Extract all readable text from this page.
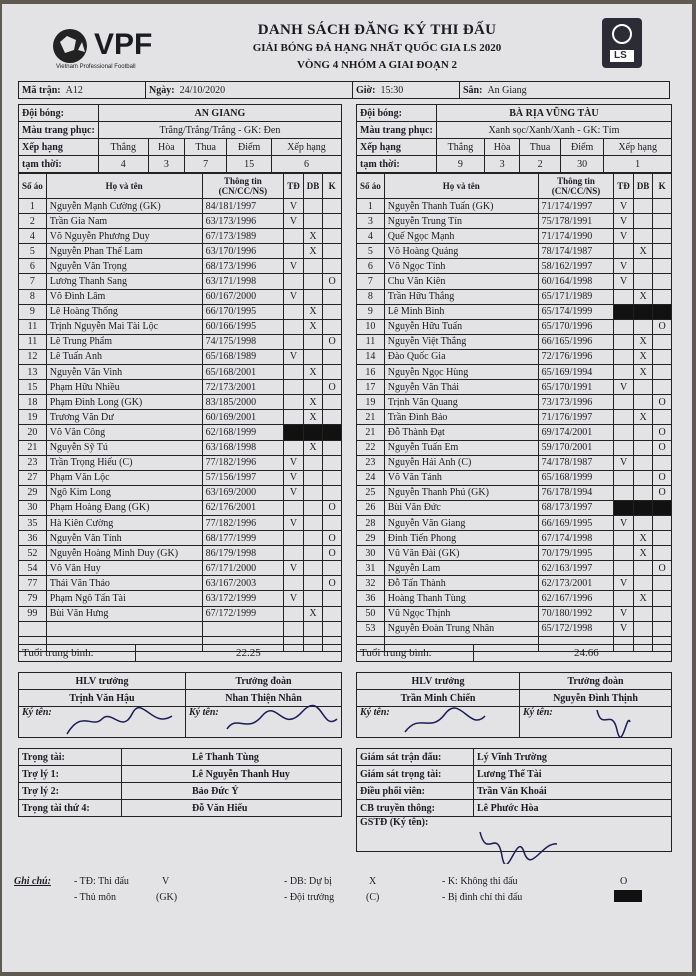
VPF
Vietnam Professional Football
DANH SÁCH ĐĂNG KÝ THI ĐẤU
GIẢI BÓNG ĐÁ HẠNG NHẤT QUỐC GIA LS 2020
VÒNG 4 NHÓM A GIAI ĐOẠN 2
LS
Mã trận: A12	Ngày: 24/10/2020	Giờ: 15:30	Sân: An Giang
Đội bóng:	AN GIANG				
Màu trang phục:	Trắng/Trắng/Trắng - GK: Đen				
Xếp hạng	Thắng	Hòa	Thua	Điểm	Xếp hạng
tạm thời:	4	3	7	15	6
Số áo	Họ và tên	Thông tin (CN/CC/NS)	TĐ	DB	K
1	Nguyễn Mạnh Cường (GK)	84/181/1997	V		
2	Trần Gia Nam	63/173/1996	V		
4	Võ Nguyễn Phương Duy	67/173/1989		X	
5	Nguyễn Phan Thế Lam	63/170/1996		X	
6	Nguyễn Văn Trọng	68/173/1996	V		
7	Lương Thanh Sang	63/171/1998			O
8	Võ Đình Lâm	60/167/2000	V		
9	Lê Hoàng Thống	66/170/1995		X	
11	Trịnh Nguyễn Mai Tài Lộc	60/166/1995		X	
11	Lê Trung Phẩm	74/175/1998			O
12	Lê Tuấn Anh	65/168/1989	V		
13	Nguyễn Văn Vinh	65/168/2001		X	
15	Phạm Hữu Nhiều	72/173/2001			O
18	Phạm Đình Long (GK)	83/185/2000		X	
19	Trương Văn Dư	60/169/2001		X	
20	Võ Văn Công	62/168/1999			
21	Nguyễn Sỹ Tú	63/168/1998		X	
23	Trần Trọng Hiếu (C)	77/182/1996	V		
27	Phạm Văn Lộc	57/156/1997	V		
29	Ngô Kim Long	63/169/2000	V		
30	Phạm Hoàng Đang (GK)	62/176/2001			O
35	Hà Kiên Cường	77/182/1996	V		
36	Nguyễn Văn Tính	68/177/1999			O
52	Nguyễn Hoàng Minh Duy (GK)	86/179/1998			O
54	Võ Văn Huy	67/171/2000	V		
77	Thái Văn Thảo	63/167/2003			O
79	Phạm Ngô Tấn Tài	63/172/1999	V		
99	Bùi Văn Hưng	67/172/1999		X	

Đội bóng:	BÀ RỊA VŨNG TÀU				
Màu trang phục:	Xanh sọc/Xanh/Xanh - GK: Tím				
Xếp hạng	Thắng	Hòa	Thua	Điểm	Xếp hạng
tạm thời:	9	3	2	30	1
Số áo	Họ và tên	Thông tin (CN/CC/NS)	TĐ	DB	K
1	Nguyễn Thanh Tuấn (GK)	71/174/1997	V		
3	Nguyễn Trung Tín	75/178/1991	V		
4	Quế Ngọc Mạnh	71/174/1990	V		
5	Võ Hoàng Quảng	78/174/1987		X	
6	Võ Ngọc Tính	58/162/1997	V		
7	Chu Văn Kiên	60/164/1998	V		
8	Trần Hữu Thắng	65/171/1989		X	
9	Lê Minh Bình	65/174/1999			
10	Nguyễn Hữu Tuấn	65/170/1996			O
11	Nguyễn Việt Thắng	66/165/1996		X	
14	Đào Quốc Gia	72/176/1996		X	
16	Nguyễn Ngọc Hùng	65/169/1994		X	
17	Nguyễn Văn Thái	65/170/1991	V		
19	Trịnh Văn Quang	73/173/1996			O
21	Trần Đình Bảo	71/176/1997		X	
21	Đỗ Thành Đạt	69/174/2001			O
22	Nguyễn Tuấn Em	59/170/2001			O
23	Nguyễn Hải Anh (C)	74/178/1987	V		
24	Võ Văn Tánh	65/168/1999			O
25	Nguyễn Thanh Phú (GK)	76/178/1994			O
26	Bùi Văn Đức	68/173/1997			
28	Nguyễn Văn Giang	66/169/1995	V		
29	Đinh Tiến Phong	67/174/1998		X	
30	Vũ Văn Đài (GK)	70/179/1995		X	
31	Nguyễn Lam	62/163/1997			O
32	Đỗ Tấn Thành	62/173/2001	V		
36	Hoàng Thanh Tùng	62/167/1996		X	
50	Vũ Ngọc Thịnh	70/180/1992	V		
53	Nguyễn Đoàn Trung Nhân	65/172/1998	V		

Tuổi trung bình:	22.25	Tuổi trung bình:	24.66
HLV trưởng	Trưởng đoàn
Trịnh Văn Hậu	Nhan Thiện Nhân
Ký tên:	Ký tên:
HLV trưởng	Trưởng đoàn
Trần Minh Chiến	Nguyễn Đình Thịnh
Ký tên:	Ký tên:
Trọng tài:	Lê Thanh Tùng
Trợ lý 1:	Lê Nguyễn Thanh Huy
Trợ lý 2:	Bảo Đức Ý
Trọng tài thứ 4:	Đỗ Văn Hiếu
Giám sát trận đấu:	Lý Vĩnh Trường
Giám sát trọng tài:	Lương Thế Tài
Điều phối viên:	Trần Văn Khoái
CB truyền thông:	Lê Phước Hòa
GSTĐ (Ký tên):	
Ghi chú: - TĐ: Thi đấu	V	- DB: Dự bị	X	- K: Không thi đấu	O
- Thủ môn	(GK)	- Đội trưởng	(C)	- Bị đình chỉ thi đấu
